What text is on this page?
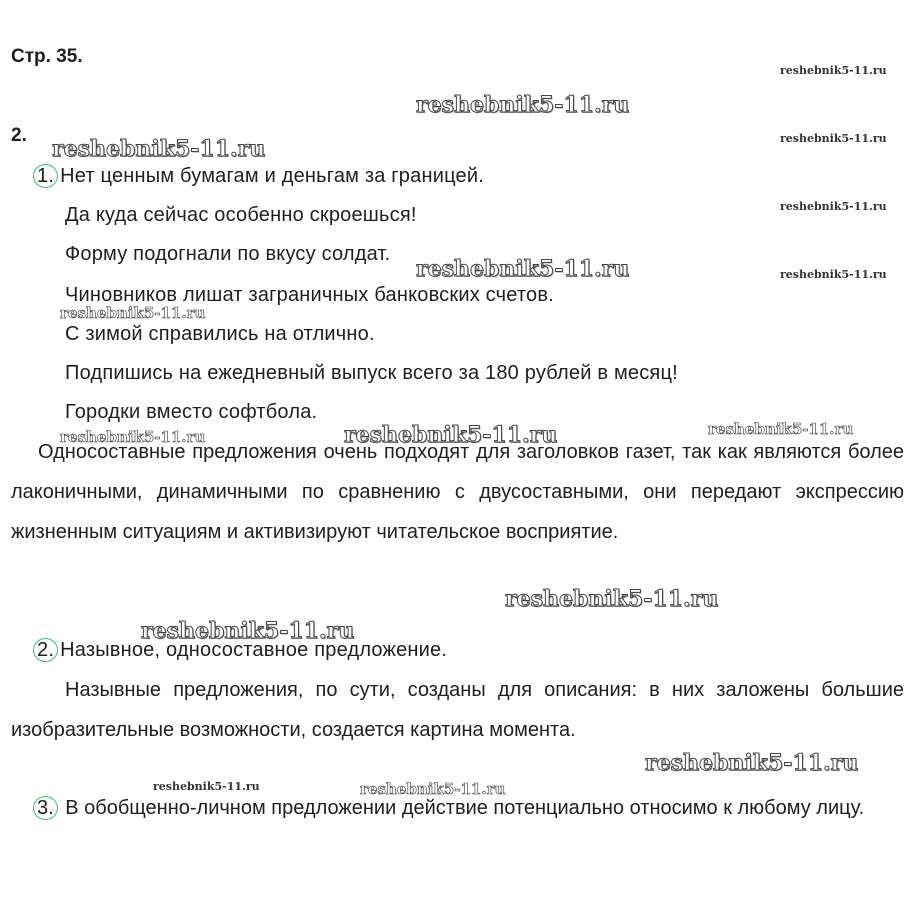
Стр. 35.
2.
1. Нет ценным бумагам и деньгам за границей.
Да куда сейчас особенно скроешься!
Форму подогнали по вкусу солдат.
Чиновников лишат заграничных банковских счетов.
С зимой справились на отлично.
Подпишись на ежедневный выпуск всего за 180 рублей в месяц!
Городки вместо софтбола.
Односоставные предложения очень подходят для заголовков газет, так как являются более лаконичными, динамичными по сравнению с двусоставными, они передают экспрессию жизненным ситуациям и активизируют читательское восприятие.
2. Назывное, односоставное предложение.
Назывные предложения, по сути, созданы для описания: в них заложены большие изобразительные возможности, создается картина момента.
3. В обобщенно-личном предложении действие потенциально относимо к любому лицу.
reshebnik5-11.ru
reshebnik5-11.ru
reshebnik5-11.ru
reshebnik5-11.ru
reshebnik5-11.ru
reshebnik5-11.ru	reshebnik5-11.ru
reshebnik5-11.ru
reshebnik5-11.ru	reshebnik5-11.ru	reshebnik5-11.ru
reshebnik5-11.ru
reshebnik5-11.ru
reshebnik5-11.ru
reshebnik5-11.ru	reshebnik5-11.ru
